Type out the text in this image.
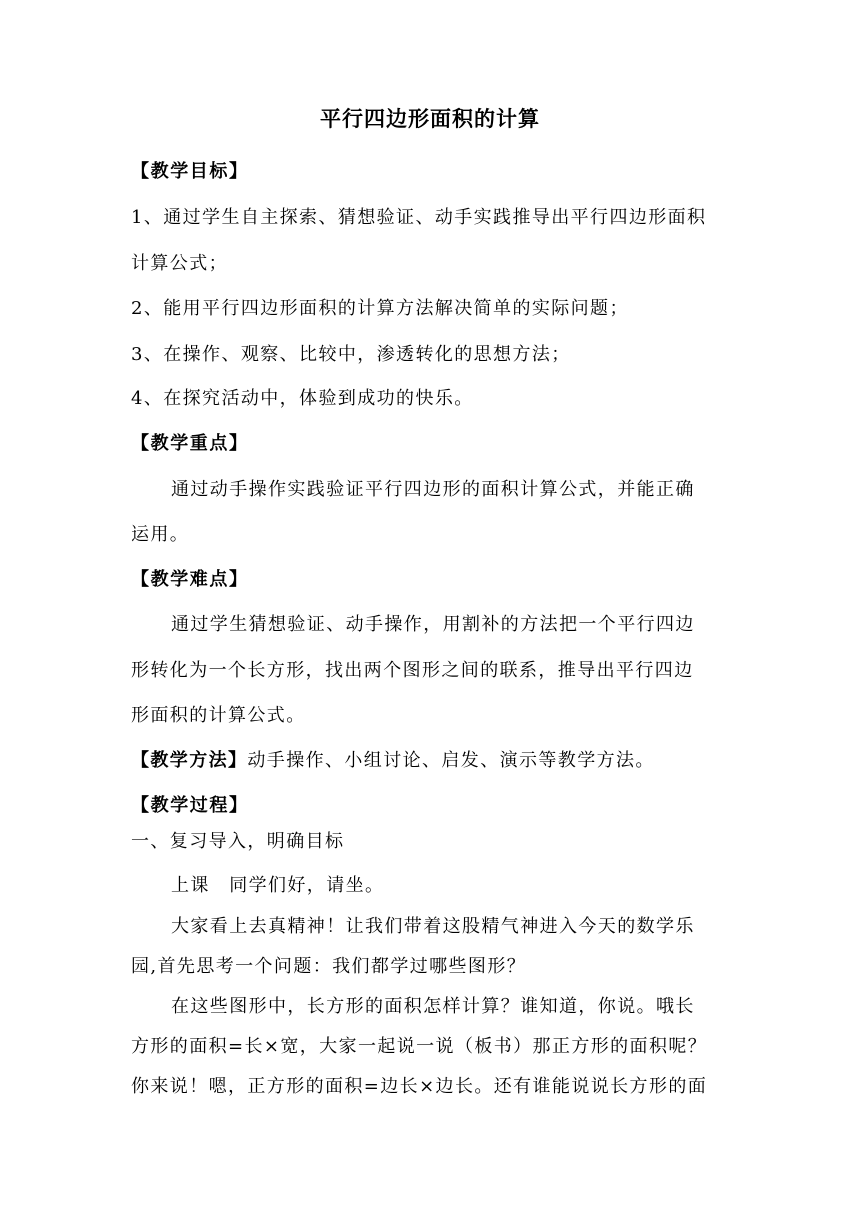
平行四边形面积的计算
【教学目标】
1、通过学生自主探索、猜想验证、动手实践推导出平行四边形面积
计算公式；
2、能用平行四边形面积的计算方法解决简单的实际问题；
3、在操作、观察、比较中，渗透转化的思想方法；
4、在探究活动中，体验到成功的快乐。
【教学重点】
通过动手操作实践验证平行四边形的面积计算公式，并能正确
运用。
【教学难点】
通过学生猜想验证、动手操作，用割补的方法把一个平行四边
形转化为一个长方形，找出两个图形之间的联系，推导出平行四边
形面积的计算公式。
【教学方法】动手操作、小组讨论、启发、演示等教学方法。
【教学过程】
一、复习导入，明确目标
上课　同学们好，请坐。
大家看上去真精神！让我们带着这股精气神进入今天的数学乐
园,首先思考一个问题：我们都学过哪些图形？
在这些图形中，长方形的面积怎样计算？谁知道，你说。哦长
方形的面积=长×宽，大家一起说一说（板书）那正方形的面积呢？
你来说！嗯，正方形的面积=边长×边长。还有谁能说说长方形的面
